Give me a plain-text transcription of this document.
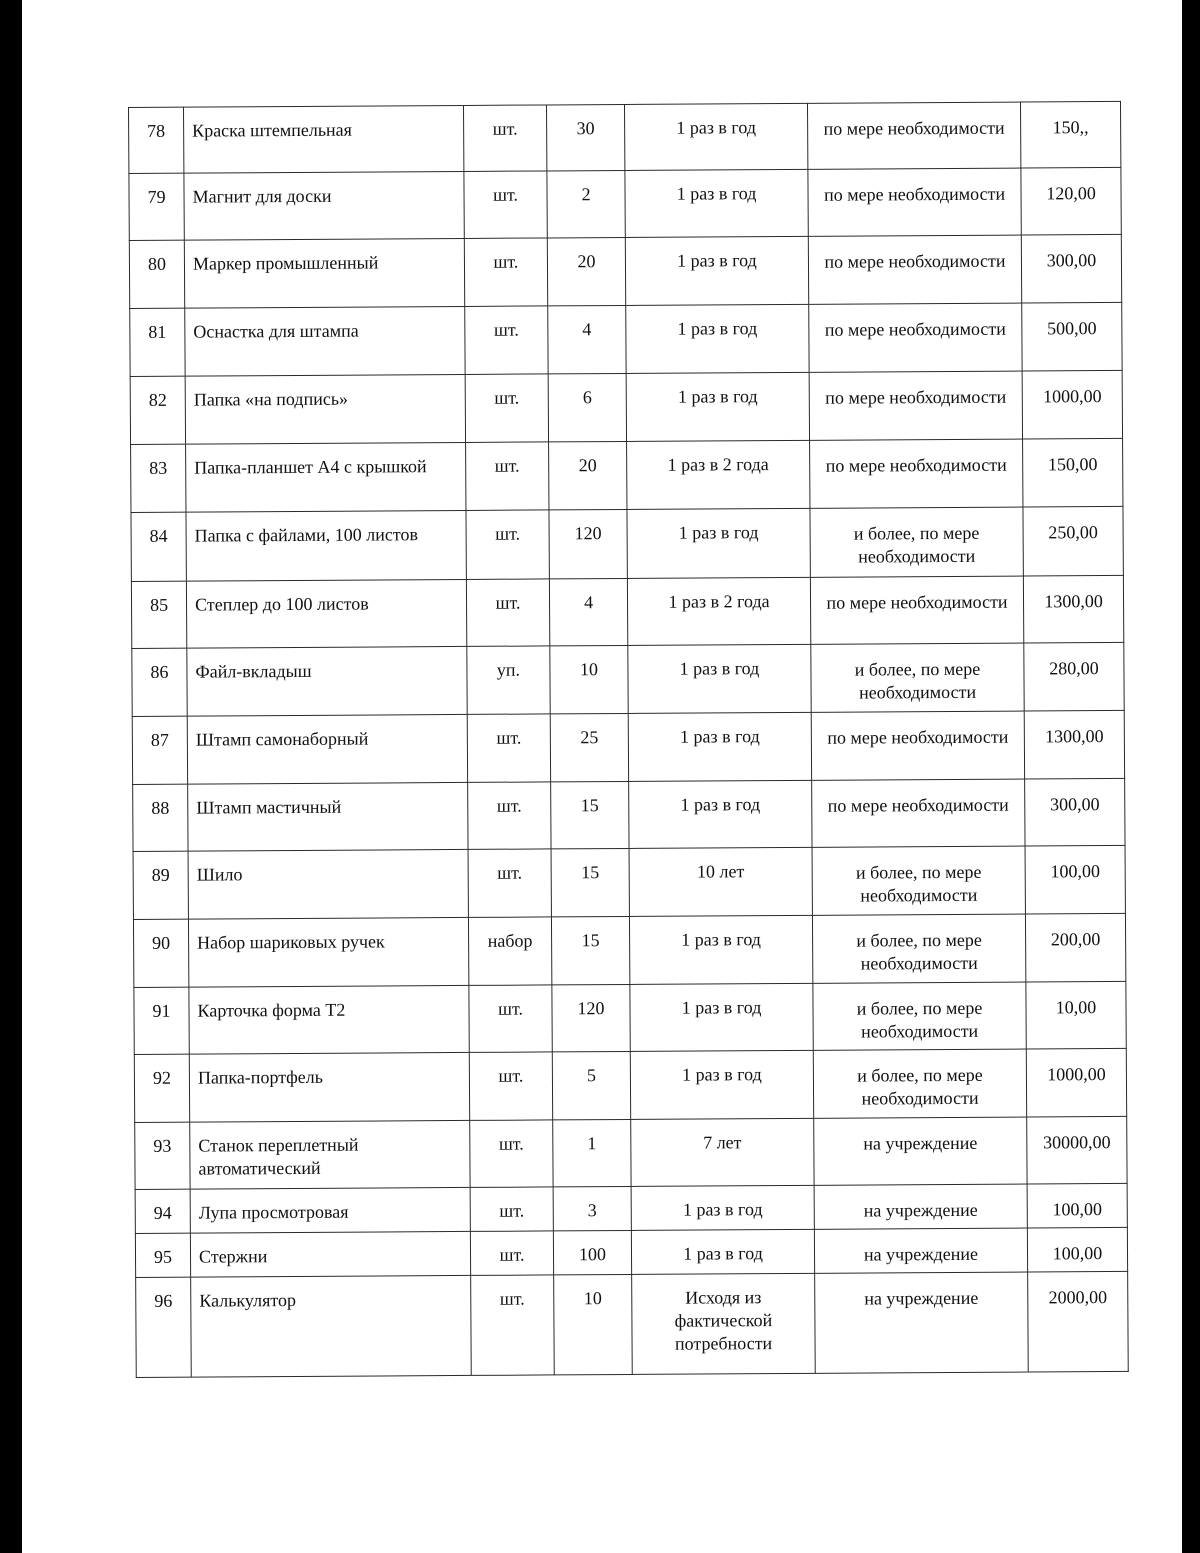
78	Краска штемпельная	шт.	30	1 раз в год	по мере необходимости	150,,

79	Магнит для доски	шт.	2	1 раз в год	по мере необходимости	120,00

80	Маркер промышленный	шт.	20	1 раз в год	по мере необходимости	300,00

81	Оснастка для штампа	шт.	4	1 раз в год	по мере необходимости	500,00

82	Папка «на подпись»	шт.	6	1 раз в год	по мере необходимости	1000,00

83	Папка-планшет А4 с крышкой	шт.	20	1 раз в 2 года	по мере необходимости	150,00

84	Папка с файлами, 100 листов	шт.	120	1 раз в год	и более, по мере необходимости	250,00

85	Степлер до 100 листов	шт.	4	1 раз в 2 года	по мере необходимости	1300,00

86	Файл-вкладыш	уп.	10	1 раз в год	и более, по мере необходимости	280,00

87	Штамп самонаборный	шт.	25	1 раз в год	по мере необходимости	1300,00

88	Штамп мастичный	шт.	15	1 раз в год	по мере необходимости	300,00

89	Шило	шт.	15	10 лет	и более, по мере необходимости	100,00

90	Набор шариковых ручек	набор	15	1 раз в год	и более, по мере необходимости	200,00

91	Карточка форма Т2	шт.	120	1 раз в год	и более, по мере необходимости	10,00

92	Папка-портфель	шт.	5	1 раз в год	и более, по мере необходимости	1000,00

93	Станок переплетный автоматический	шт.	1	7 лет	на учреждение	30000,00

94	Лупа просмотровая	шт.	3	1 раз в год	на учреждение	100,00

95	Стержни	шт.	100	1 раз в год	на учреждение	100,00

96	Калькулятор	шт.	10	Исходя из фактической потребности	на учреждение	2000,00
